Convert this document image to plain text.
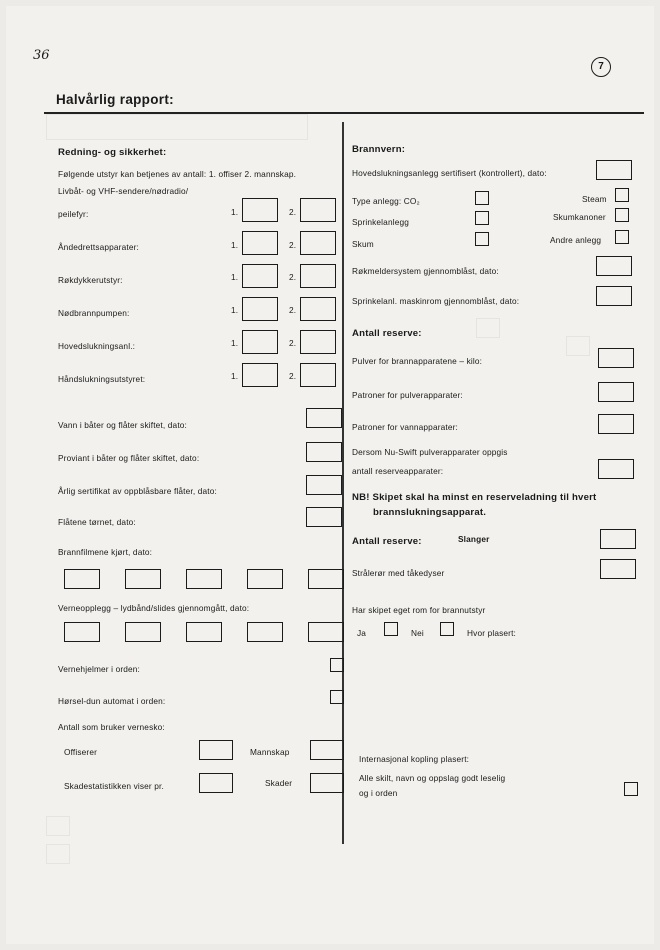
36
7
Halvårlig rapport:
Redning- og sikkerhet:
Følgende utstyr kan betjenes av antall: 1. offiser 2. mannskap.
Livbåt- og VHF-sendere/nødradio/
peilefyr:	1.	2.
Åndedrettsapparater:	1.	2.
Røkdykkerutstyr:	1.	2.
Nødbrannpumpen:	1.	2.
Hovedslukningsanl.:	1.	2.
Håndslukningsutstyret:	1.	2.
Vann i båter og flåter skiftet, dato:
Proviant i båter og flåter skiftet, dato:
Årlig sertifikat av oppblåsbare flåter, dato:
Flåtene tørnet, dato:
Brannfilmene kjørt, dato:
Verneopplegg – lydbånd/slides gjennomgått, dato:
Vernehjelmer i orden:
Hørsel-dun automat i orden:
Antall som bruker vernesko:
Offiserer	Mannskap
Skadestatistikken viser pr.	Skader
Brannvern:
Hovedslukningsanlegg sertifisert (kontrollert), dato:
Type anlegg: CO₂	Steam
Sprinkelanlegg	Skumkanoner
Skum	Andre anlegg
Røkmeldersystem gjennomblåst, dato:
Sprinkelanl. maskinrom gjennomblåst, dato:
Antall reserve:
Pulver for brannapparatene – kilo:
Patroner for pulverapparater:
Patroner for vannapparater:
Dersom Nu-Swift pulverapparater oppgis
antall reserveapparater:
NB! Skipet skal ha minst en reserveladning til hvert
brannslukningsapparat.
Antall reserve:	Slanger
Strålerør med tåkedyser
Har skipet eget rom for brannutstyr
Ja	Nei	Hvor plasert:
Internasjonal kopling plasert:
Alle skilt, navn og oppslag godt leselig
og i orden
